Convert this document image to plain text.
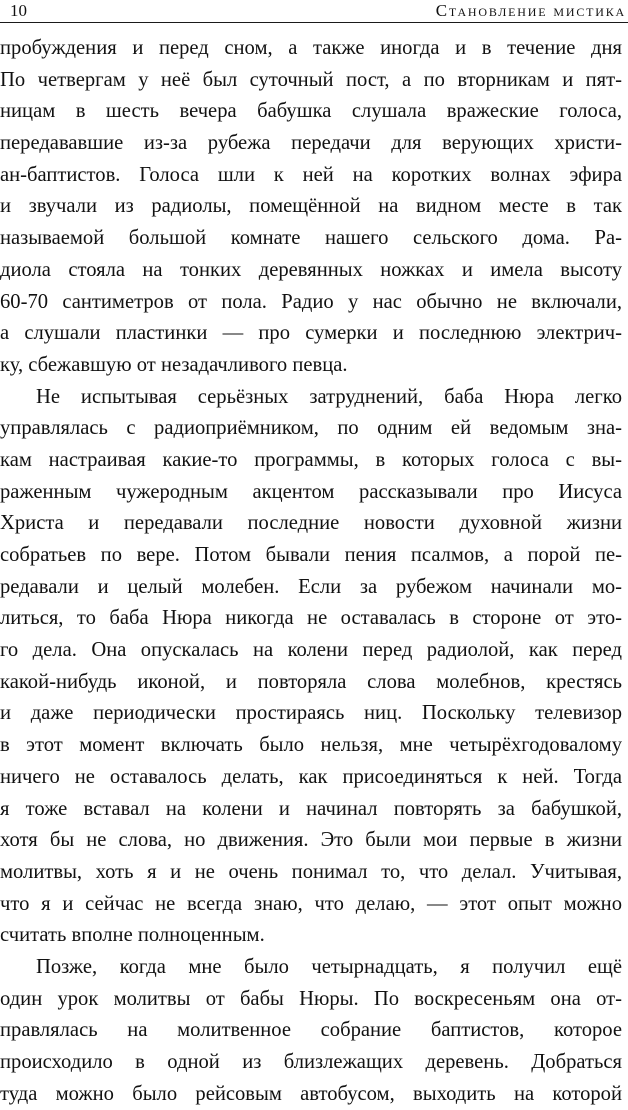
10	Становление мистика
пробуждения и перед сном, а также иногда и в течение дня
По четвергам у неё был суточный пост, а по вторникам и пят-
ницам в шесть вечера бабушка слушала вражеские голоса,
передававшие из-за рубежа передачи для верующих христи-
ан-баптистов. Голоса шли к ней на коротких волнах эфира
и звучали из радиолы, помещённой на видном месте в так
называемой большой комнате нашего сельского дома. Ра-
диола стояла на тонких деревянных ножках и имела высоту
60-70 сантиметров от пола. Радио у нас обычно не включали,
а слушали пластинки — про сумерки и последнюю электрич-
ку, сбежавшую от незадачливого певца.
Не испытывая серьёзных затруднений, баба Нюра легко
управлялась с радиоприёмником, по одним ей ведомым зна-
кам настраивая какие-то программы, в которых голоса с вы-
раженным чужеродным акцентом рассказывали про Иисуса
Христа и передавали последние новости духовной жизни
собратьев по вере. Потом бывали пения псалмов, а порой пе-
редавали и целый молебен. Если за рубежом начинали мо-
литься, то баба Нюра никогда не оставалась в стороне от это-
го дела. Она опускалась на колени перед радиолой, как перед
какой-нибудь иконой, и повторяла слова молебнов, крестясь
и даже периодически простираясь ниц. Поскольку телевизор
в этот момент включать было нельзя, мне четырёхгодовалому
ничего не оставалось делать, как присоединяться к ней. Тогда
я тоже вставал на колени и начинал повторять за бабушкой,
хотя бы не слова, но движения. Это были мои первые в жизни
молитвы, хоть я и не очень понимал то, что делал. Учитывая,
что я и сейчас не всегда знаю, что делаю, — этот опыт можно
считать вполне полноценным.
Позже, когда мне было четырнадцать, я получил ещё
один урок молитвы от бабы Нюры. По воскресеньям она от-
правлялась на молитвенное собрание баптистов, которое
происходило в одной из близлежащих деревень. Добраться
туда можно было рейсовым автобусом, выходить на которой
